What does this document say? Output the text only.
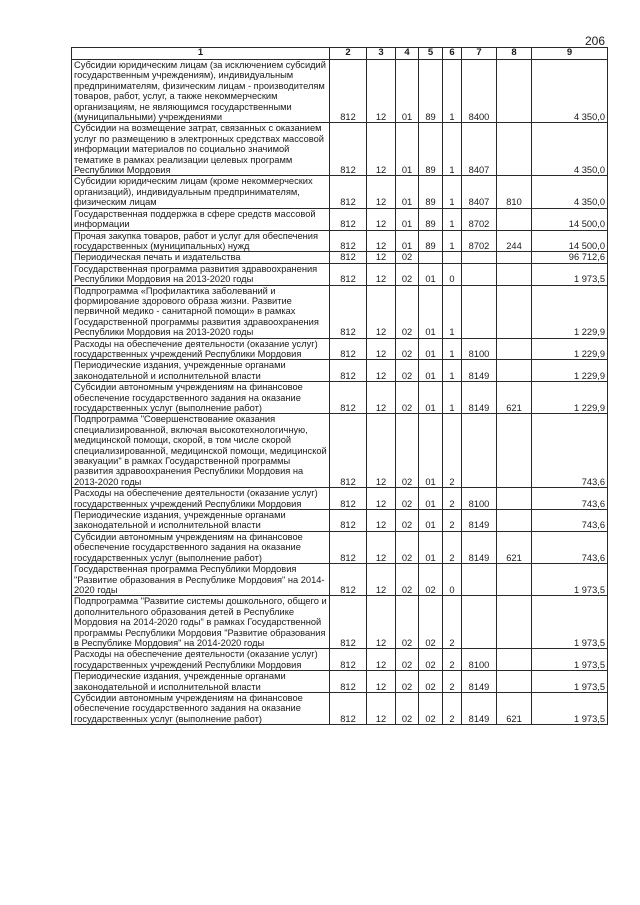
206
1	2	3	4	5	6	7	8	9
Субсидии юридическим лицам (за исключением субсидий государственным учреждениям), индивидуальным предпринимателям, физическим лицам - производителям товаров, работ, услуг, а также некоммерческим организациям, не являющимся государственными (муниципальными) учреждениями	812	12	01	89	1	8400		4 350,0
Субсидии на возмещение затрат, связанных с оказанием услуг по размещению в электронных средствах массовой информации материалов по социально значимой тематике в рамках реализации целевых программ Республики Мордовия	812	12	01	89	1	8407		4 350,0
Субсидии юридическим лицам (кроме некоммерческих организаций), индивидуальным предпринимателям, физическим лицам	812	12	01	89	1	8407	810	4 350,0
Государственная поддержка в сфере средств массовой информации	812	12	01	89	1	8702		14 500,0
Прочая закупка товаров, работ и услуг для обеспечения государственных (муниципальных) нужд	812	12	01	89	1	8702	244	14 500,0
Периодическая печать и издательства	812	12	02					96 712,6
Государственная программа развития здравоохранения Республики Мордовия на 2013-2020 годы	812	12	02	01	0			1 973,5
Подпрограмма «Профилактика заболеваний и формирование здорового образа жизни. Развитие первичной медико - санитарной помощи» в рамках Государственной программы развития здравоохранения Республики Мордовия на 2013-2020 годы	812	12	02	01	1			1 229,9
Расходы на обеспечение деятельности (оказание услуг) государственных учреждений Республики Мордовия	812	12	02	01	1	8100		1 229,9
Периодические издания, учрежденные органами законодательной и исполнительной власти	812	12	02	01	1	8149		1 229,9
Субсидии автономным учреждениям на финансовое обеспечение государственного задания на оказание государственных услуг (выполнение работ)	812	12	02	01	1	8149	621	1 229,9
Подпрограмма "Совершенствование оказания специализированной, включая высокотехнологичную, медицинской помощи, скорой, в том числе скорой специализированной, медицинской помощи, медицинской эвакуации" в рамках Государственной программы развития здравоохранения Республики Мордовия на 2013-2020 годы	812	12	02	01	2			743,6
Расходы на обеспечение деятельности (оказание услуг) государственных учреждений Республики Мордовия	812	12	02	01	2	8100		743,6
Периодические издания, учрежденные органами законодательной и исполнительной власти	812	12	02	01	2	8149		743,6
Субсидии автономным учреждениям на финансовое обеспечение государственного задания на оказание государственных услуг (выполнение работ)	812	12	02	01	2	8149	621	743,6
Государственная программа Республики Мордовия "Развитие образования в Республике Мордовия" на 2014-2020 годы	812	12	02	02	0			1 973,5
Подпрограмма "Развитие системы дошкольного, общего и дополнительного образования детей в Республике Мордовия на 2014-2020 годы" в рамках Государственной программы Республики Мордовия "Развитие образования в Республике Мордовия" на 2014-2020 годы	812	12	02	02	2			1 973,5
Расходы на обеспечение деятельности (оказание услуг) государственных учреждений Республики Мордовия	812	12	02	02	2	8100		1 973,5
Периодические издания, учрежденные органами законодательной и исполнительной власти	812	12	02	02	2	8149		1 973,5
Субсидии автономным учреждениям на финансовое обеспечение государственного задания на оказание государственных услуг (выполнение работ)	812	12	02	02	2	8149	621	1 973,5
